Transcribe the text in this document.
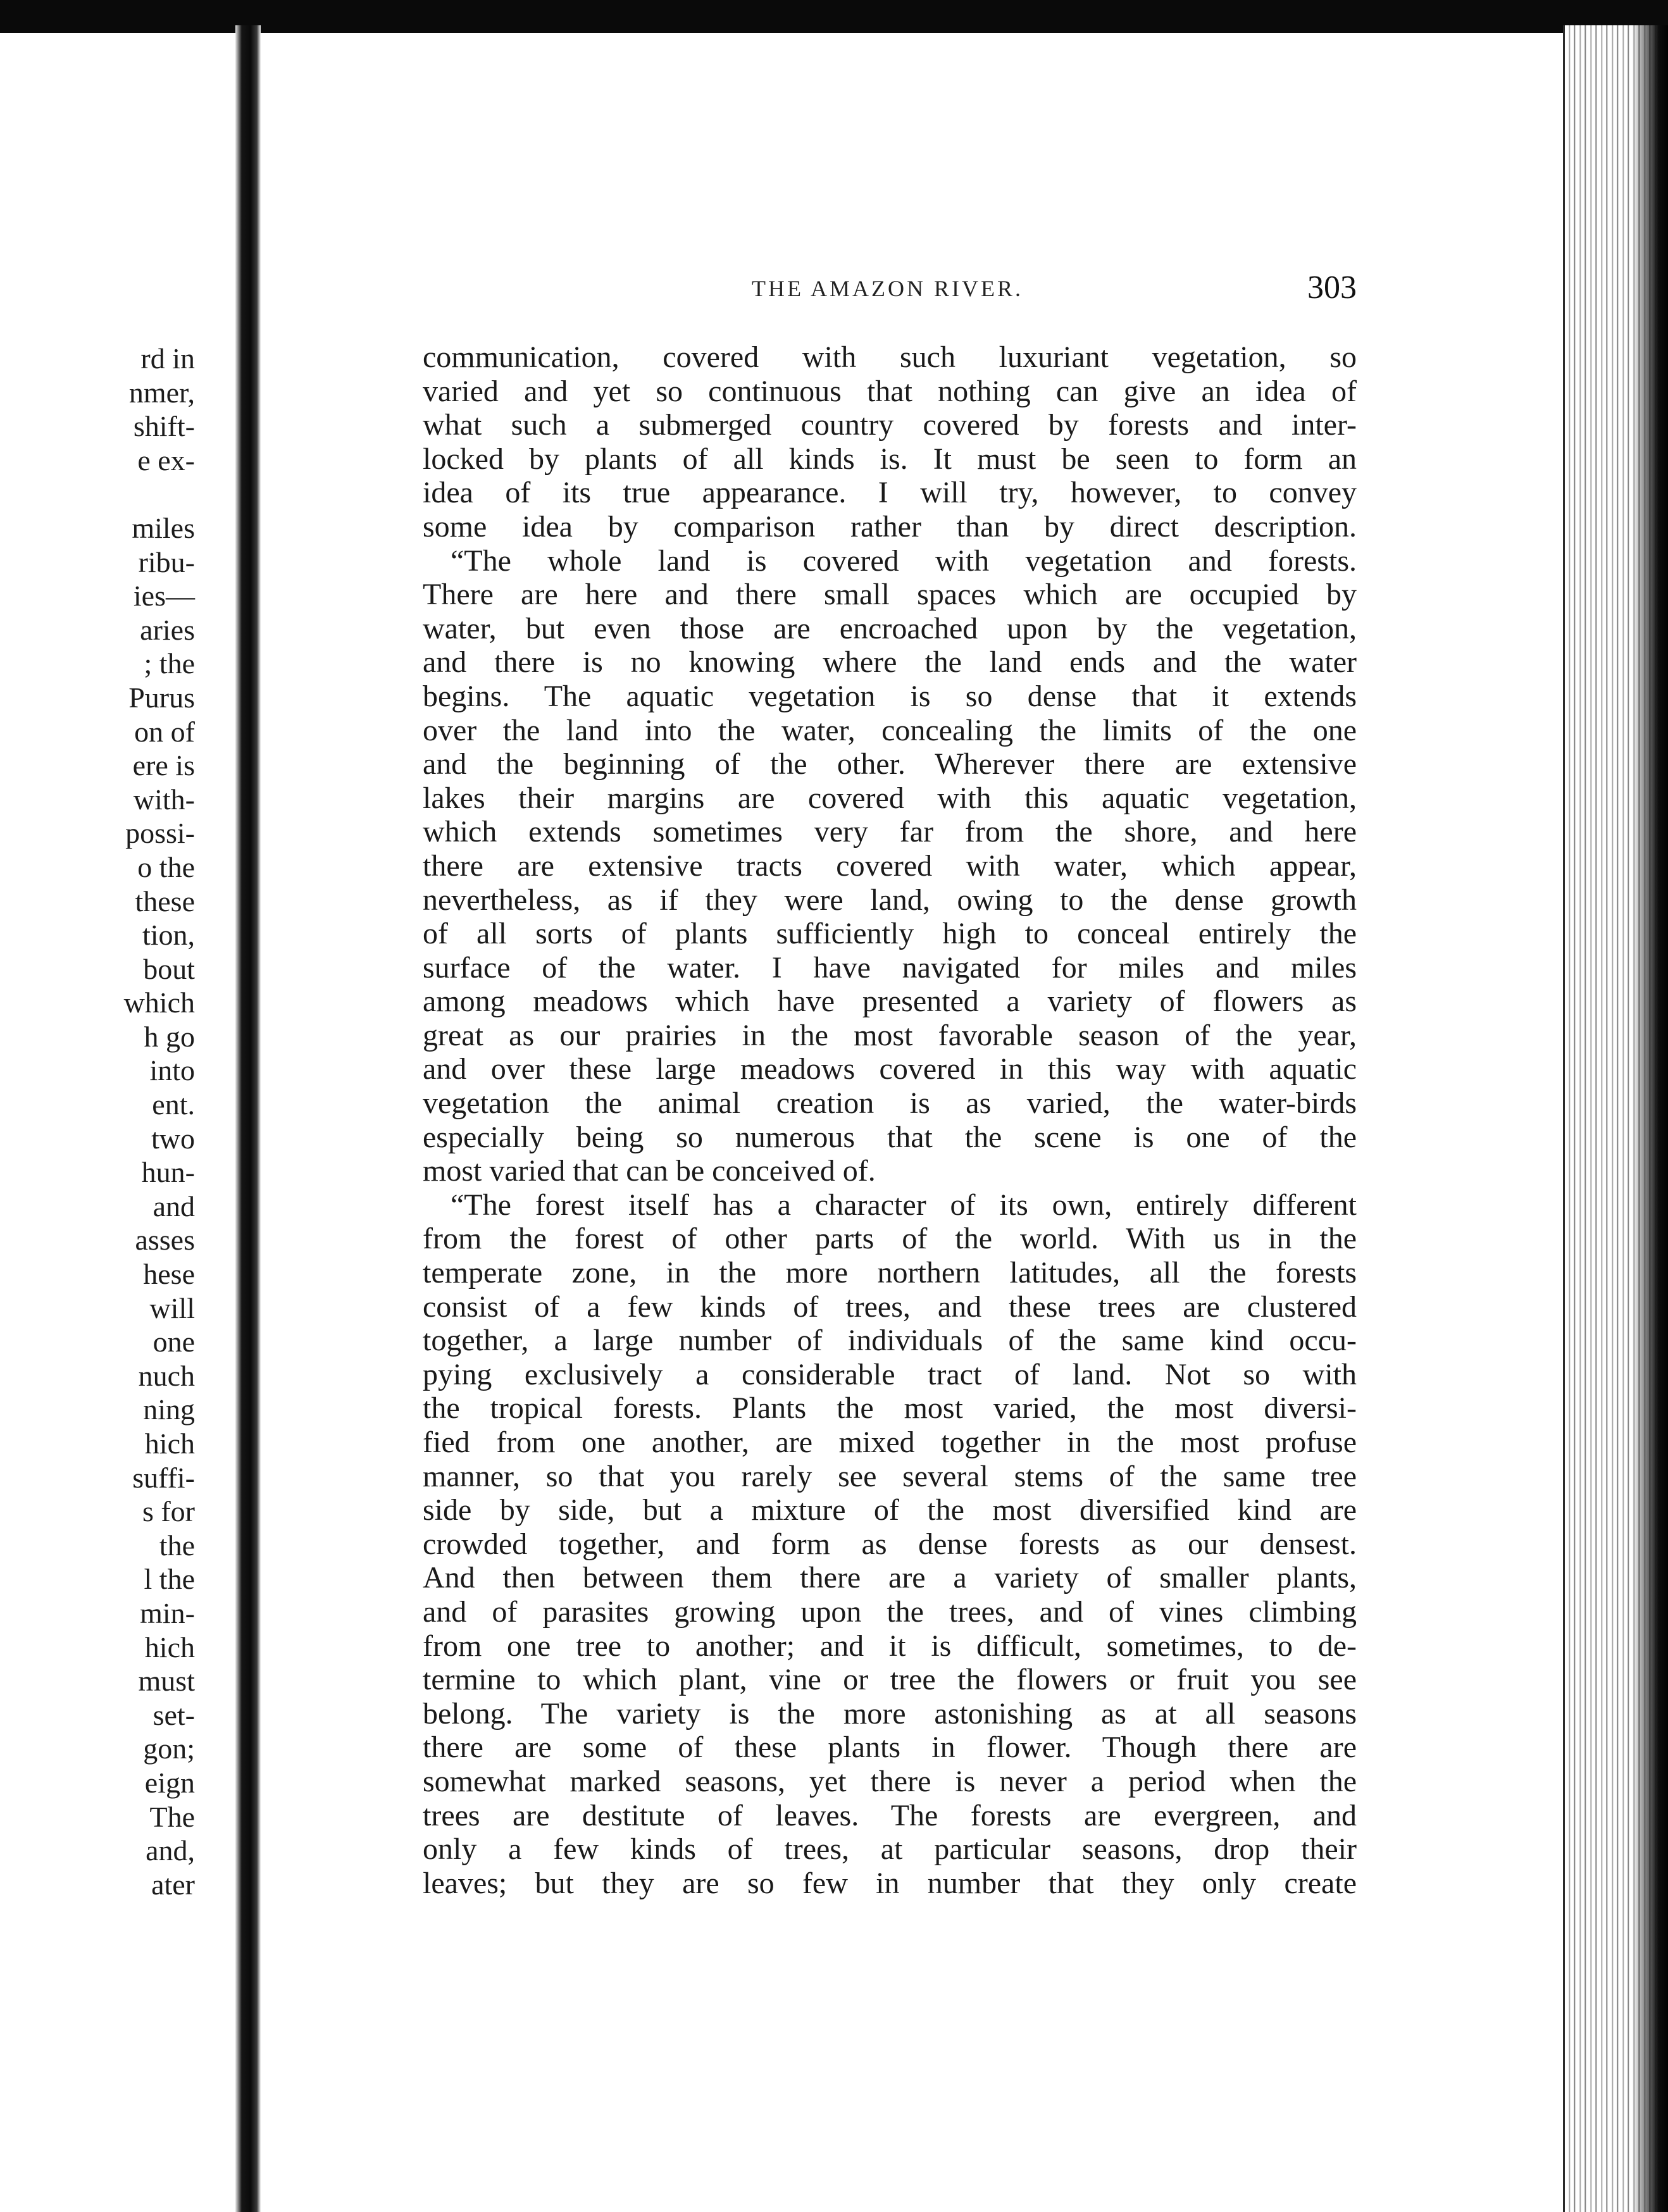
rd in
nmer,
shift-
e ex-
miles
ribu-
ies—
aries
; the
Purus
on of
ere is
with-
possi-
o the
these
tion,
bout
which
h go
into
ent.
two
hun-
and
asses
hese
will
one
nuch
ning
hich
suffi-
s for
the
l the
min-
hich
must
set-
gon;
eign
The
and,
ater
THE AMAZON RIVER.	303
communication, covered with such luxuriant vegetation, so
varied and yet so continuous that nothing can give an idea of
what such a submerged country covered by forests and inter-
locked by plants of all kinds is. It must be seen to form an
idea of its true appearance. I will try, however, to convey
some idea by comparison rather than by direct description.
“The whole land is covered with vegetation and forests.
There are here and there small spaces which are occupied by
water, but even those are encroached upon by the vegetation,
and there is no knowing where the land ends and the water
begins. The aquatic vegetation is so dense that it extends
over the land into the water, concealing the limits of the one
and the beginning of the other. Wherever there are extensive
lakes their margins are covered with this aquatic vegetation,
which extends sometimes very far from the shore, and here
there are extensive tracts covered with water, which appear,
nevertheless, as if they were land, owing to the dense growth
of all sorts of plants sufficiently high to conceal entirely the
surface of the water. I have navigated for miles and miles
among meadows which have presented a variety of flowers as
great as our prairies in the most favorable season of the year,
and over these large meadows covered in this way with aquatic
vegetation the animal creation is as varied, the water-birds
especially being so numerous that the scene is one of the
most varied that can be conceived of.
“The forest itself has a character of its own, entirely different
from the forest of other parts of the world. With us in the
temperate zone, in the more northern latitudes, all the forests
consist of a few kinds of trees, and these trees are clustered
together, a large number of individuals of the same kind occu-
pying exclusively a considerable tract of land. Not so with
the tropical forests. Plants the most varied, the most diversi-
fied from one another, are mixed together in the most profuse
manner, so that you rarely see several stems of the same tree
side by side, but a mixture of the most diversified kind are
crowded together, and form as dense forests as our densest.
And then between them there are a variety of smaller plants,
and of parasites growing upon the trees, and of vines climbing
from one tree to another; and it is difficult, sometimes, to de-
termine to which plant, vine or tree the flowers or fruit you see
belong. The variety is the more astonishing as at all seasons
there are some of these plants in flower. Though there are
somewhat marked seasons, yet there is never a period when the
trees are destitute of leaves. The forests are evergreen, and
only a few kinds of trees, at particular seasons, drop their
leaves; but they are so few in number that they only create
